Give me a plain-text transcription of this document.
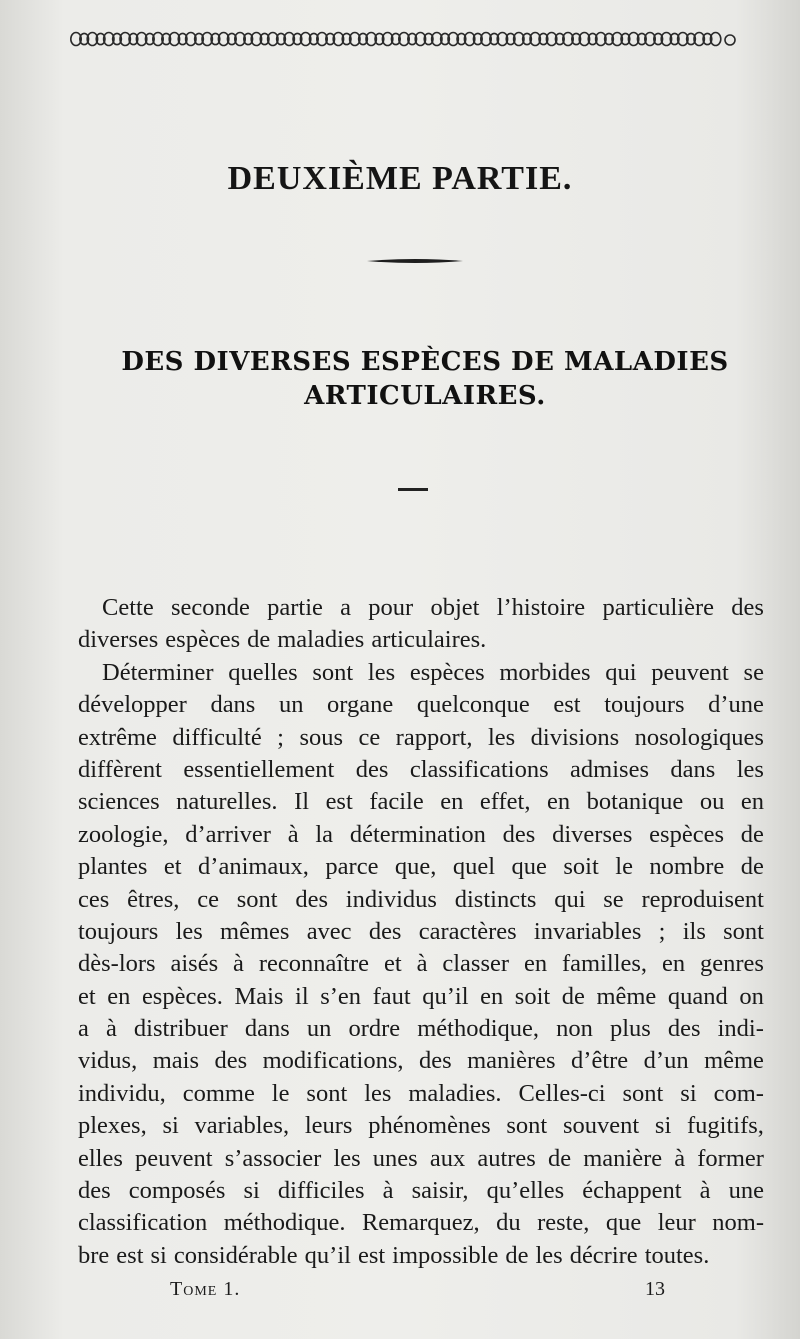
DEUXIÈME PARTIE.
DES DIVERSES ESPÈCES DE MALADIES
ARTICULAIRES.
Cette seconde partie a pour objet l’histoire particulière des
diverses espèces de maladies articulaires.
Déterminer quelles sont les espèces morbides qui peuvent se
développer dans un organe quelconque est toujours d’une
extrême difficulté ; sous ce rapport, les divisions nosologiques
diffèrent essentiellement des classifications admises dans les
sciences naturelles. Il est facile en effet, en botanique ou en
zoologie, d’arriver à la détermination des diverses espèces de
plantes et d’animaux, parce que, quel que soit le nombre de
ces êtres, ce sont des individus distincts qui se reproduisent
toujours les mêmes avec des caractères invariables ; ils sont
dès-lors aisés à reconnaître et à classer en familles, en genres
et en espèces. Mais il s’en faut qu’il en soit de même quand on
a à distribuer dans un ordre méthodique, non plus des indi-
vidus, mais des modifications, des manières d’être d’un même
individu, comme le sont les maladies. Celles-ci sont si com-
plexes, si variables, leurs phénomènes sont souvent si fugitifs,
elles peuvent s’associer les unes aux autres de manière à former
des composés si difficiles à saisir, qu’elles échappent à une
classification méthodique. Remarquez, du reste, que leur nom-
bre est si considérable qu’il est impossible de les décrire toutes.
Tome 1.	13
